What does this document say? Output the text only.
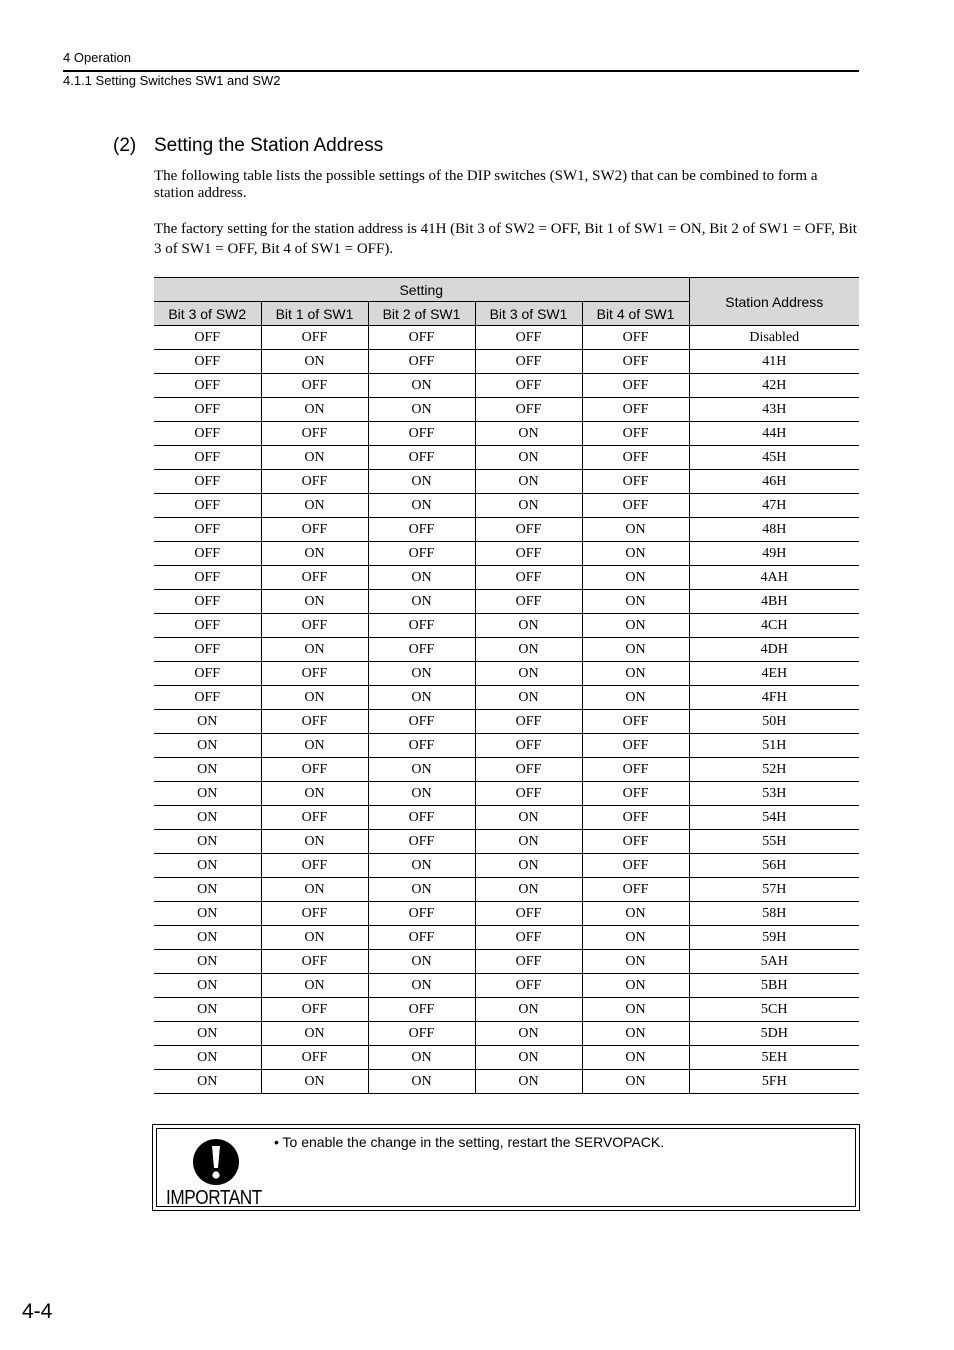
4 Operation
4.1.1 Setting Switches SW1 and SW2
(2) Setting the Station Address

The following table lists the possible settings of the DIP switches (SW1, SW2) that can be combined to form a station address.

The factory setting for the station address is 41H (Bit 3 of SW2 = OFF, Bit 1 of SW1 = ON, Bit 2 of SW1 = OFF, Bit 3 of SW1 = OFF, Bit 4 of SW1 = OFF).

Setting					Station Address
Bit 3 of SW2	Bit 1 of SW1	Bit 2 of SW1	Bit 3 of SW1	Bit 4 of SW1	
OFF	OFF	OFF	OFF	OFF	Disabled
OFF	ON	OFF	OFF	OFF	41H
OFF	OFF	ON	OFF	OFF	42H
OFF	ON	ON	OFF	OFF	43H
OFF	OFF	OFF	ON	OFF	44H
OFF	ON	OFF	ON	OFF	45H
OFF	OFF	ON	ON	OFF	46H
OFF	ON	ON	ON	OFF	47H
OFF	OFF	OFF	OFF	ON	48H
OFF	ON	OFF	OFF	ON	49H
OFF	OFF	ON	OFF	ON	4AH
OFF	ON	ON	OFF	ON	4BH
OFF	OFF	OFF	ON	ON	4CH
OFF	ON	OFF	ON	ON	4DH
OFF	OFF	ON	ON	ON	4EH
OFF	ON	ON	ON	ON	4FH
ON	OFF	OFF	OFF	OFF	50H
ON	ON	OFF	OFF	OFF	51H
ON	OFF	ON	OFF	OFF	52H
ON	ON	ON	OFF	OFF	53H
ON	OFF	OFF	ON	OFF	54H
ON	ON	OFF	ON	OFF	55H
ON	OFF	ON	ON	OFF	56H
ON	ON	ON	ON	OFF	57H
ON	OFF	OFF	OFF	ON	58H
ON	ON	OFF	OFF	ON	59H
ON	OFF	ON	OFF	ON	5AH
ON	ON	ON	OFF	ON	5BH
ON	OFF	OFF	ON	ON	5CH
ON	ON	OFF	ON	ON	5DH
ON	OFF	ON	ON	ON	5EH
ON	ON	ON	ON	ON	5FH
IMPORTANT
• To enable the change in the setting, restart the SERVOPACK.
4-4
